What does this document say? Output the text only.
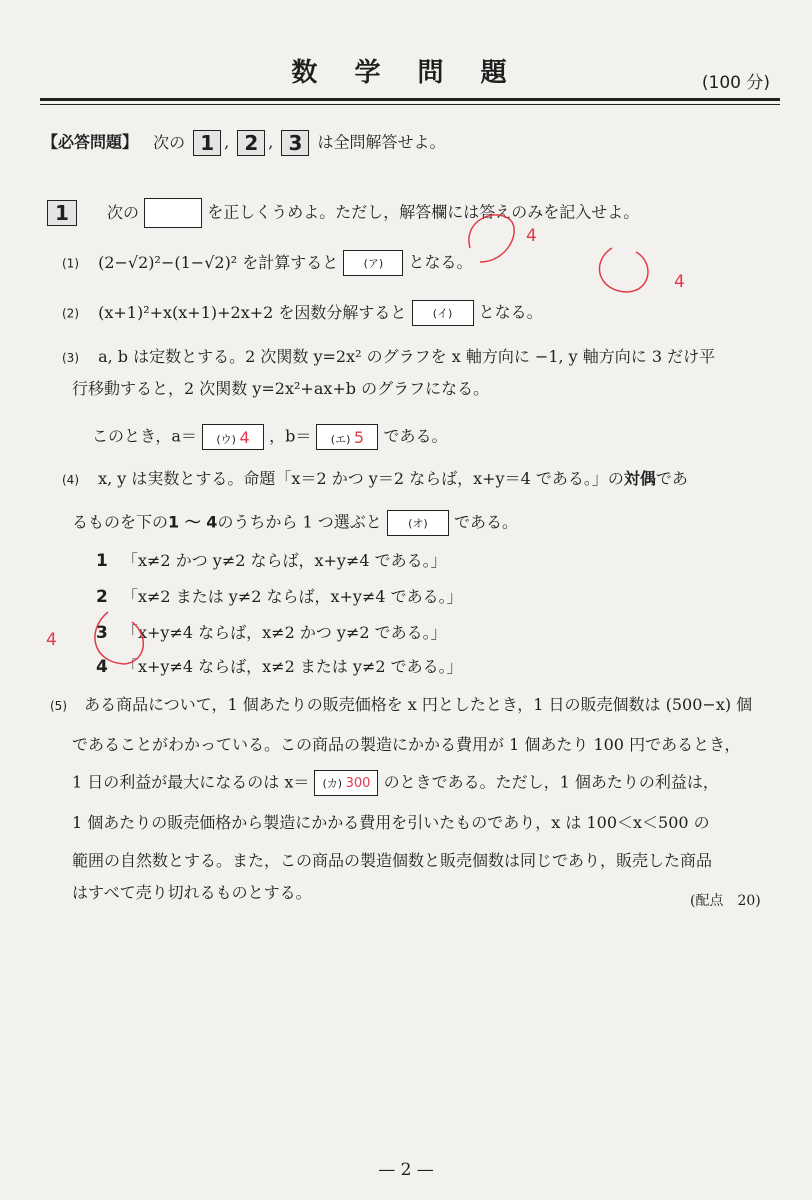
数 学 問 題	(100 分)
【必答問題】 次の 1 , 2 , 3 は全問解答せよ。
1 次の	を正しくうめよ。ただし，解答欄には答えのみを記入せよ。
(1) (2−√2)²−(1−√2)² を計算すると (ア) となる。
(2) (x+1)²+x(x+1)+2x+2 を因数分解すると (イ) となる。
(3) a, b は定数とする。2 次関数 y=2x² のグラフを x 軸方向に −1, y 軸方向に 3 だけ平
行移動すると，2 次関数 y=2x²+ax+b のグラフになる。
このとき，a＝ (ウ) 4 ，b＝ (エ) 5 である。
(4) x, y は実数とする。命題「x＝2 かつ y＝2 ならば，x+y＝4 である。」の対偶であ
るものを下の1 〜 4のうちから 1 つ選ぶと (オ) である。
1 「x≠2 かつ y≠2 ならば，x+y≠4 である。」
2 「x≠2 または y≠2 ならば，x+y≠4 である。」
3 「x+y≠4 ならば，x≠2 かつ y≠2 である。」
4 「x+y≠4 ならば，x≠2 または y≠2 である。」
(5) ある商品について，1 個あたりの販売価格を x 円としたとき，1 日の販売個数は (500−x) 個
であることがわかっている。この商品の製造にかかる費用が 1 個あたり 100 円であるとき，
1 日の利益が最大になるのは x＝ (カ) 300 のときである。ただし，1 個あたりの利益は，
1 個あたりの販売価格から製造にかかる費用を引いたものであり，x は 100＜x＜500 の
範囲の自然数とする。また，この商品の製造個数と販売個数は同じであり，販売した商品
はすべて売り切れるものとする。	(配点　20)
4
4
4
— 2 —
